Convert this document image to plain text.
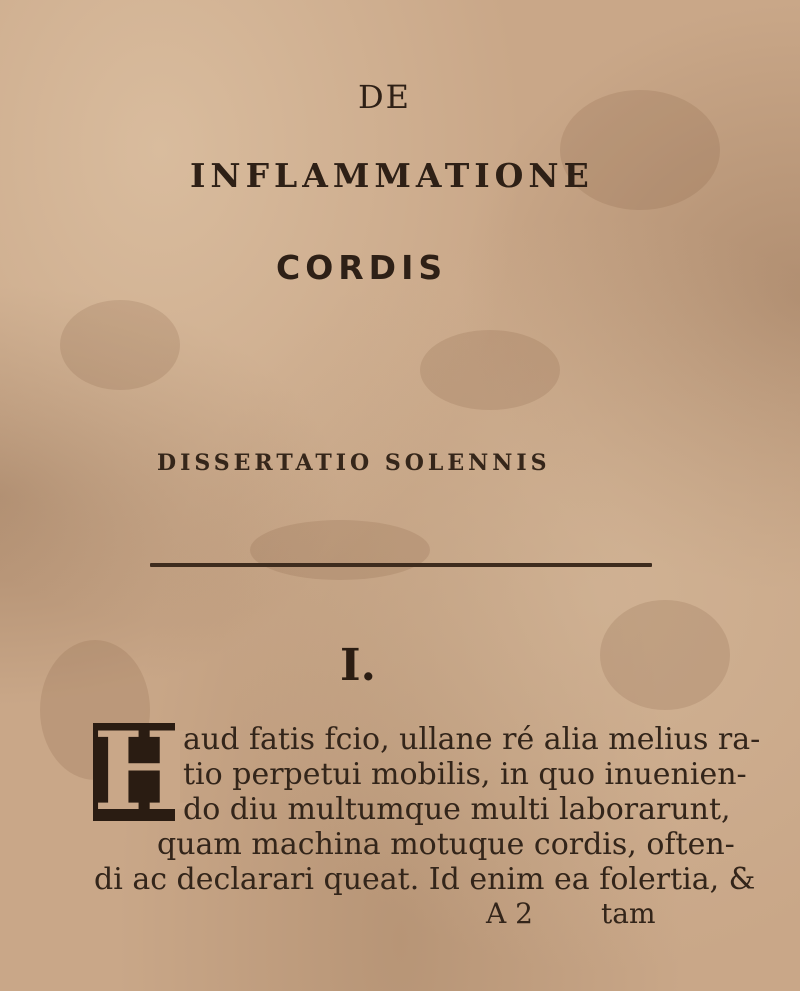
DE
INFLAMMATIONE
CORDIS
DISSERTATIO SOLENNIS
I.
H
aud fatis fcio, ullane ré alia melius ra-
tio perpetui mobilis, in quo inuenien-
do diu multumque multi laborarunt,
quam machina motuque cordis, often-
di ac declarari queat. Id enim ea folertia, &
A 2 tam
